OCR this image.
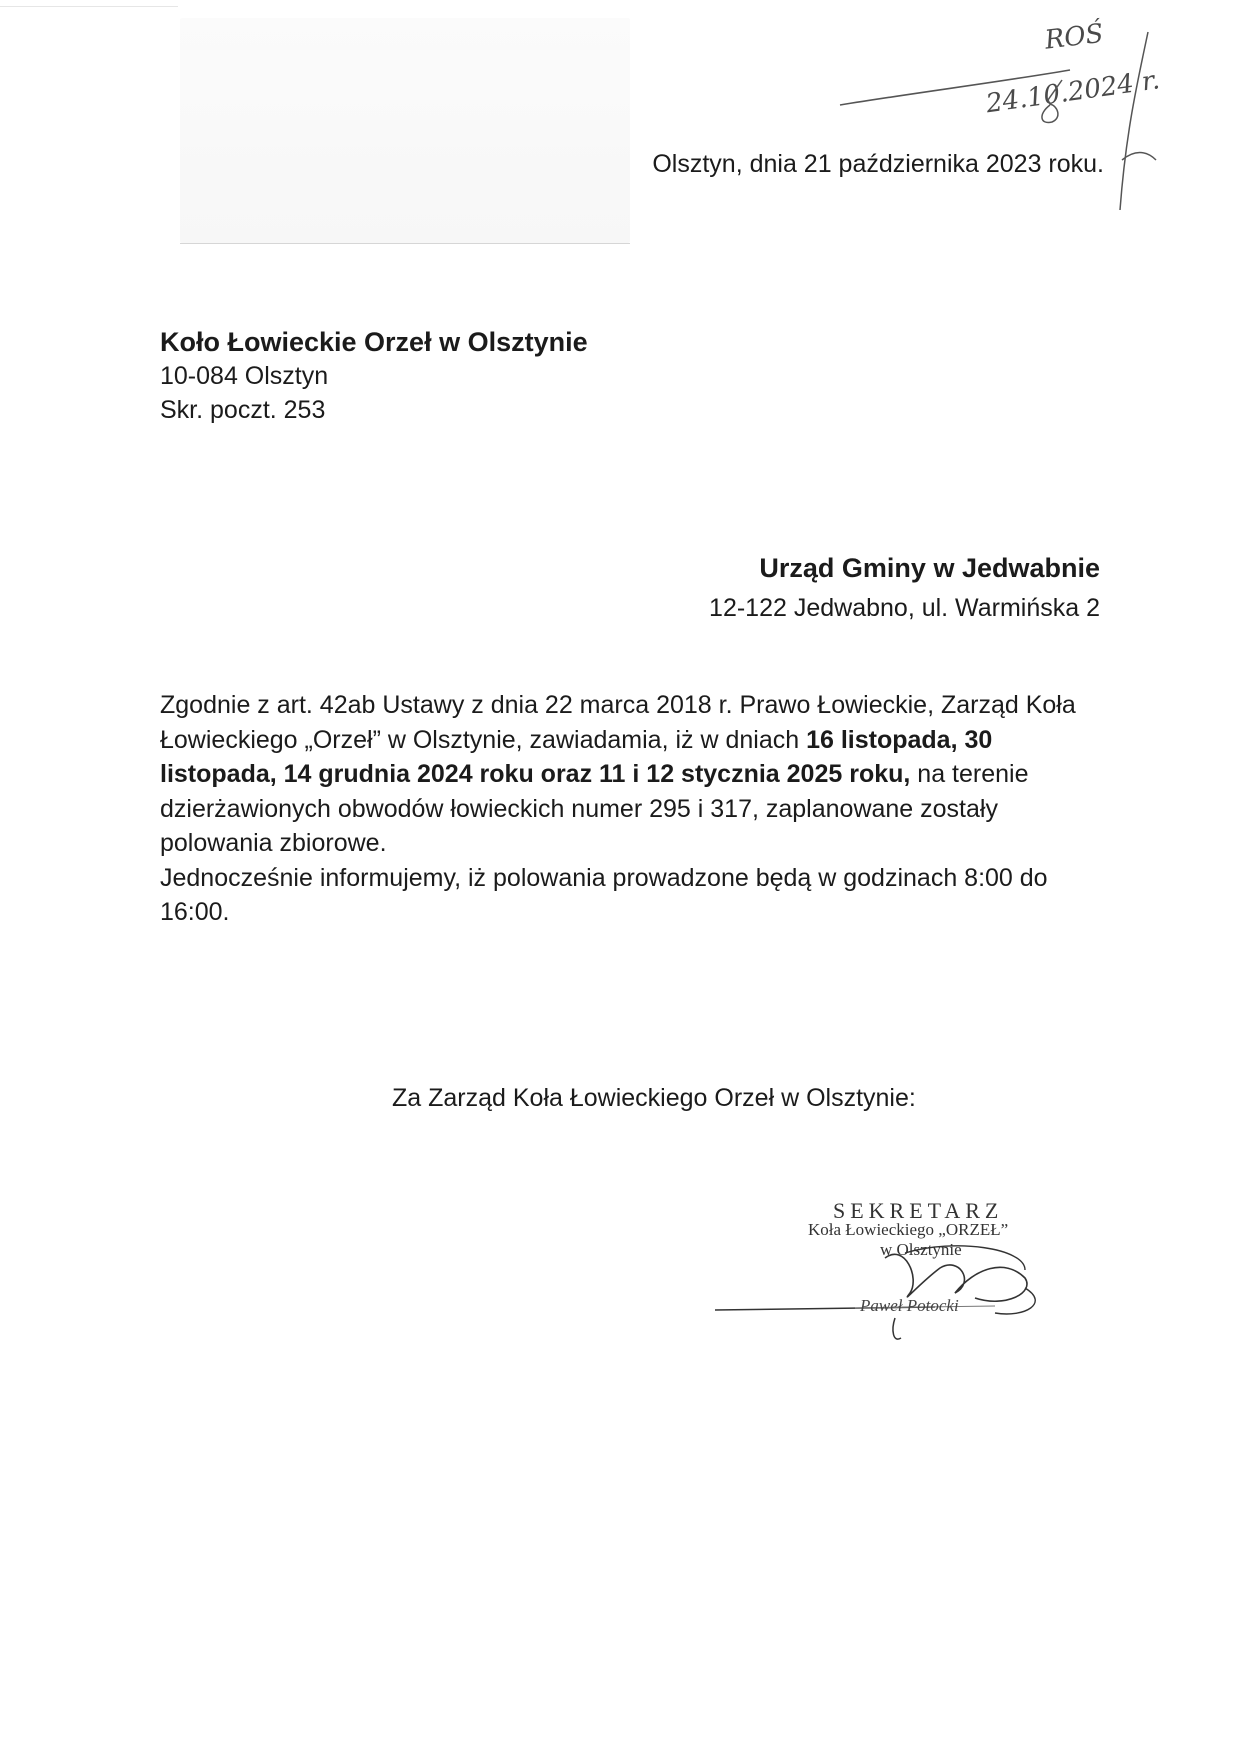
ROŚ
24.10.2024 r.
Olsztyn, dnia 21 października 2023 roku.
Koło Łowieckie Orzeł w Olsztynie
10-084 Olsztyn
Skr. poczt. 253
Urząd Gminy w Jedwabnie
12-122 Jedwabno, ul. Warmińska 2

Zgodnie z art. 42ab Ustawy z dnia 22 marca 2018 r. Prawo Łowieckie, Zarząd Koła Łowieckiego „Orzeł” w Olsztynie, zawiadamia, iż w dniach 16 listopada, 30 listopada, 14 grudnia 2024 roku oraz 11 i 12 stycznia 2025 roku, na terenie dzierżawionych obwodów łowieckich numer 295 i 317, zaplanowane zostały polowania zbiorowe.

Jednocześnie informujemy, iż polowania prowadzone będą w godzinach 8:00 do 16:00.

Za Zarząd Koła Łowieckiego Orzeł w Olsztynie:
SEKRETARZ
Koła Łowieckiego „ORZEŁ”
w Olsztynie
Paweł Potocki
